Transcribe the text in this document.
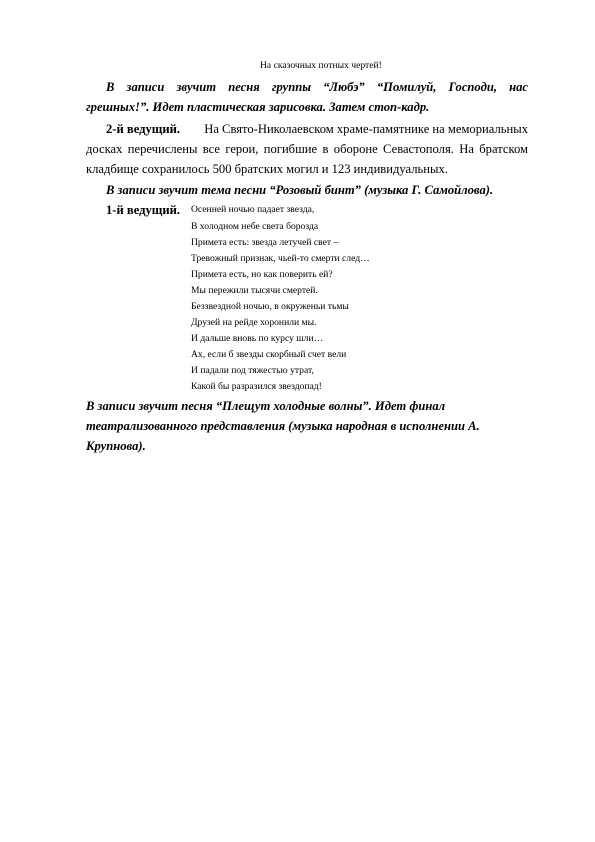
На сказочных потных чертей!
В записи звучит песня группы “Любэ” “Помилуй, Господи, нас
грешных!”. Идет пластическая зарисовка. Затем стоп-кадр.
2-й ведущий. На Свято-Николаевском храме-памятнике на мемориальных
досках перечислены все герои, погибшие в обороне Севастополя. На братском
кладбище сохранилось 500 братских могил и 123 индивидуальных.
В записи звучит тема песни “Розовый бинт” (музыка Г. Самойлова).
1-й ведущий. Осенней ночью падает звезда,
В холодном небе света борозда
Примета есть: звезда летучей свет –
Тревожный признак, чьей-то смерти след…
Примета есть, но как поверить ей?
Мы пережили тысячи смертей.
Беззвездной ночью, в окруженьи тьмы
Друзей на рейде хоронили мы.
И дальше вновь по курсу шли…
Ах, если б звезды скорбный счет вели
И падали под тяжестью утрат,
Какой бы разразился звездопад!
В записи звучит песня “Плещут холодные волны”. Идет финал
театрализованного представления (музыка народная в исполнении А.
Крупнова).
